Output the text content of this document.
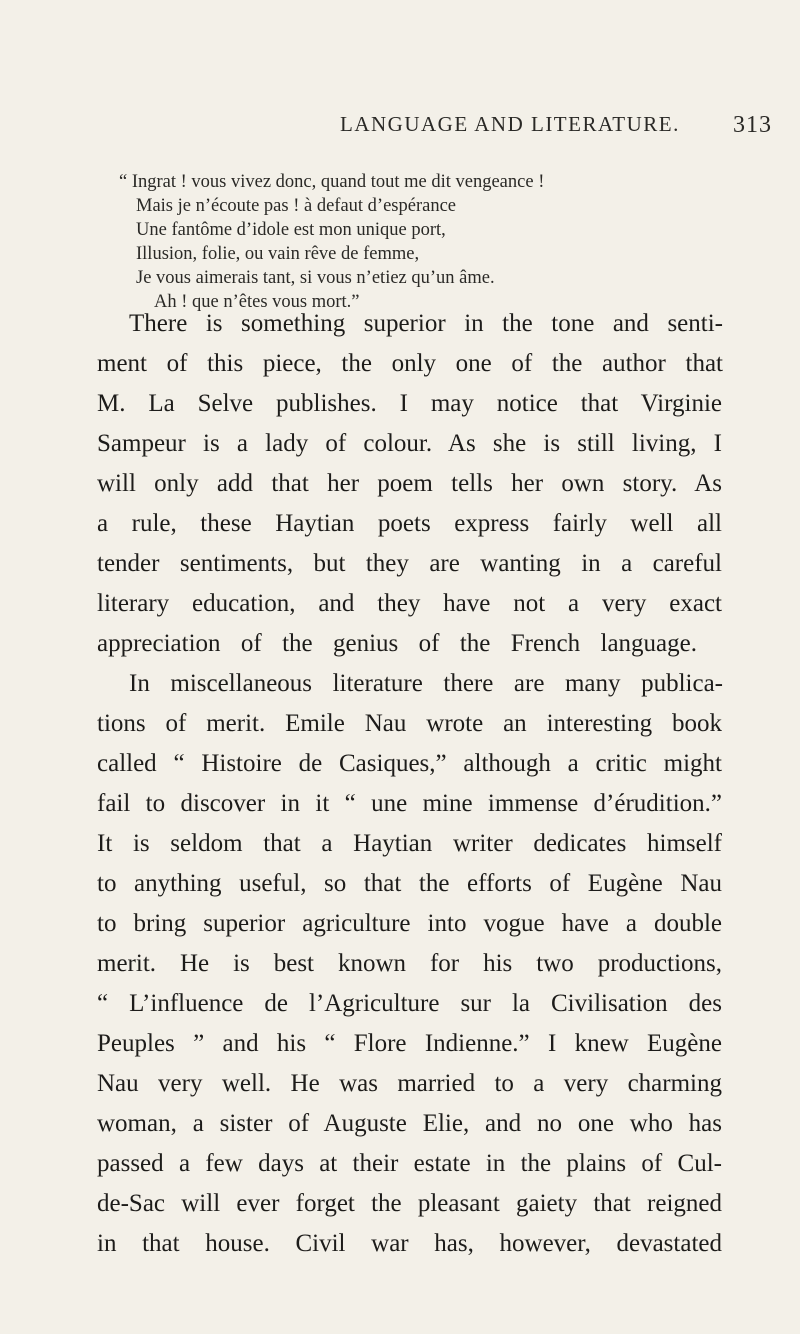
LANGUAGE AND LITERATURE. 313
“ Ingrat ! vous vivez donc, quand tout me dit vengeance !
Mais je n’écoute pas ! à defaut d’espérance
Une fantôme d’idole est mon unique port,
Illusion, folie, ou vain rêve de femme,
Je vous aimerais tant, si vous n’etiez qu’un âme.
Ah ! que n’êtes vous mort.”
There is something superior in the tone and senti-
ment of this piece, the only one of the author that
M. La Selve publishes. I may notice that Virginie
Sampeur is a lady of colour. As she is still living, I
will only add that her poem tells her own story. As
a rule, these Haytian poets express fairly well all
tender sentiments, but they are wanting in a careful
literary education, and they have not a very exact
appreciation of the genius of the French language.
In miscellaneous literature there are many publica-
tions of merit. Emile Nau wrote an interesting book
called “ Histoire de Casiques,” although a critic might
fail to discover in it “ une mine immense d’érudition.”
It is seldom that a Haytian writer dedicates himself
to anything useful, so that the efforts of Eugène Nau
to bring superior agriculture into vogue have a double
merit. He is best known for his two productions,
“ L’influence de l’Agriculture sur la Civilisation des
Peuples ” and his “ Flore Indienne.” I knew Eugène
Nau very well. He was married to a very charming
woman, a sister of Auguste Elie, and no one who has
passed a few days at their estate in the plains of Cul-
de-Sac will ever forget the pleasant gaiety that reigned
in that house. Civil war has, however, devastated
